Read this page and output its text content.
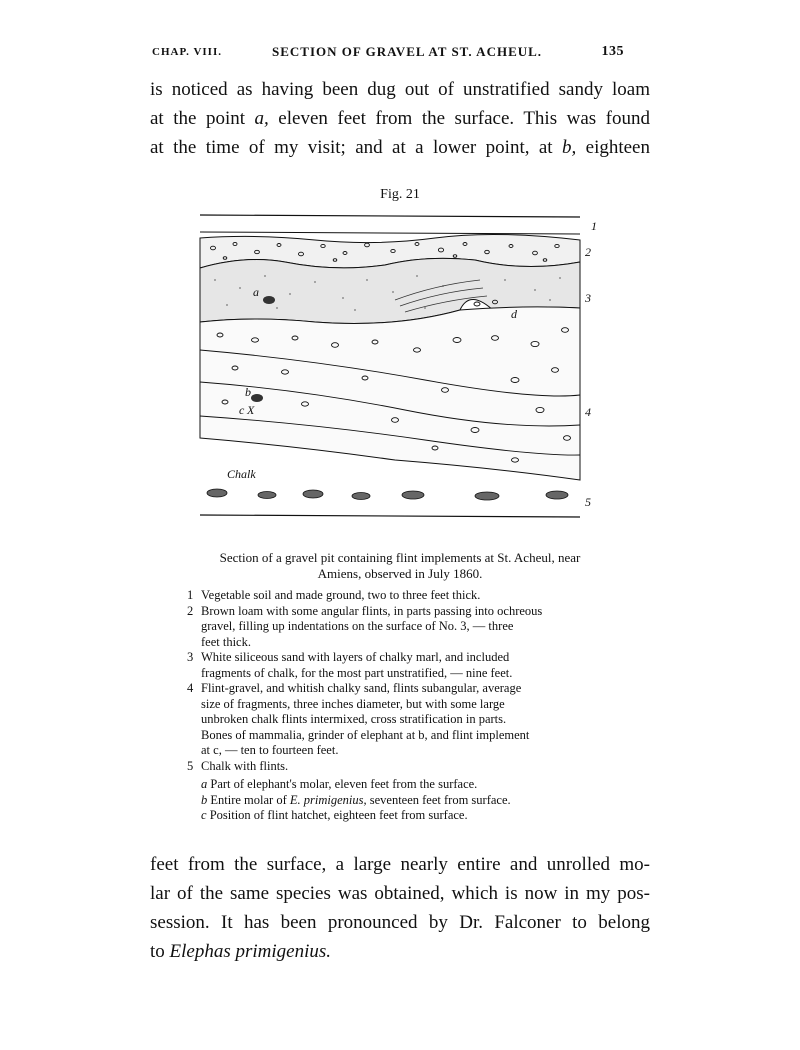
CHAP. VIII.	SECTION OF GRAVEL AT ST. ACHEUL.	135
is noticed as having been dug out of unstratified sandy loam
at the point a, eleven feet from the surface. This was found
at the time of my visit; and at a lower point, at b, eighteen
Fig. 21
a
b
c X
d
Chalk
1
2
3
4
5
Section of a gravel pit containing flint implements at St. Acheul, near
Amiens, observed in July 1860.
1 Vegetable soil and made ground, two to three feet thick.
2 Brown loam with some angular flints, in parts passing into ochreous
gravel, filling up indentations on the surface of No. 3, — three
feet thick.
3 White siliceous sand with layers of chalky marl, and included
fragments of chalk, for the most part unstratified, — nine feet.
4 Flint-gravel, and whitish chalky sand, flints subangular, average
size of fragments, three inches diameter, but with some large
unbroken chalk flints intermixed, cross stratification in parts.
Bones of mammalia, grinder of elephant at b, and flint implement
at c, — ten to fourteen feet.
5 Chalk with flints.
a Part of elephant's molar, eleven feet from the surface.
b Entire molar of E. primigenius, seventeen feet from surface.
c Position of flint hatchet, eighteen feet from surface.
feet from the surface, a large nearly entire and unrolled mo-
lar of the same species was obtained, which is now in my pos-
session. It has been pronounced by Dr. Falconer to belong
to Elephas primigenius.
